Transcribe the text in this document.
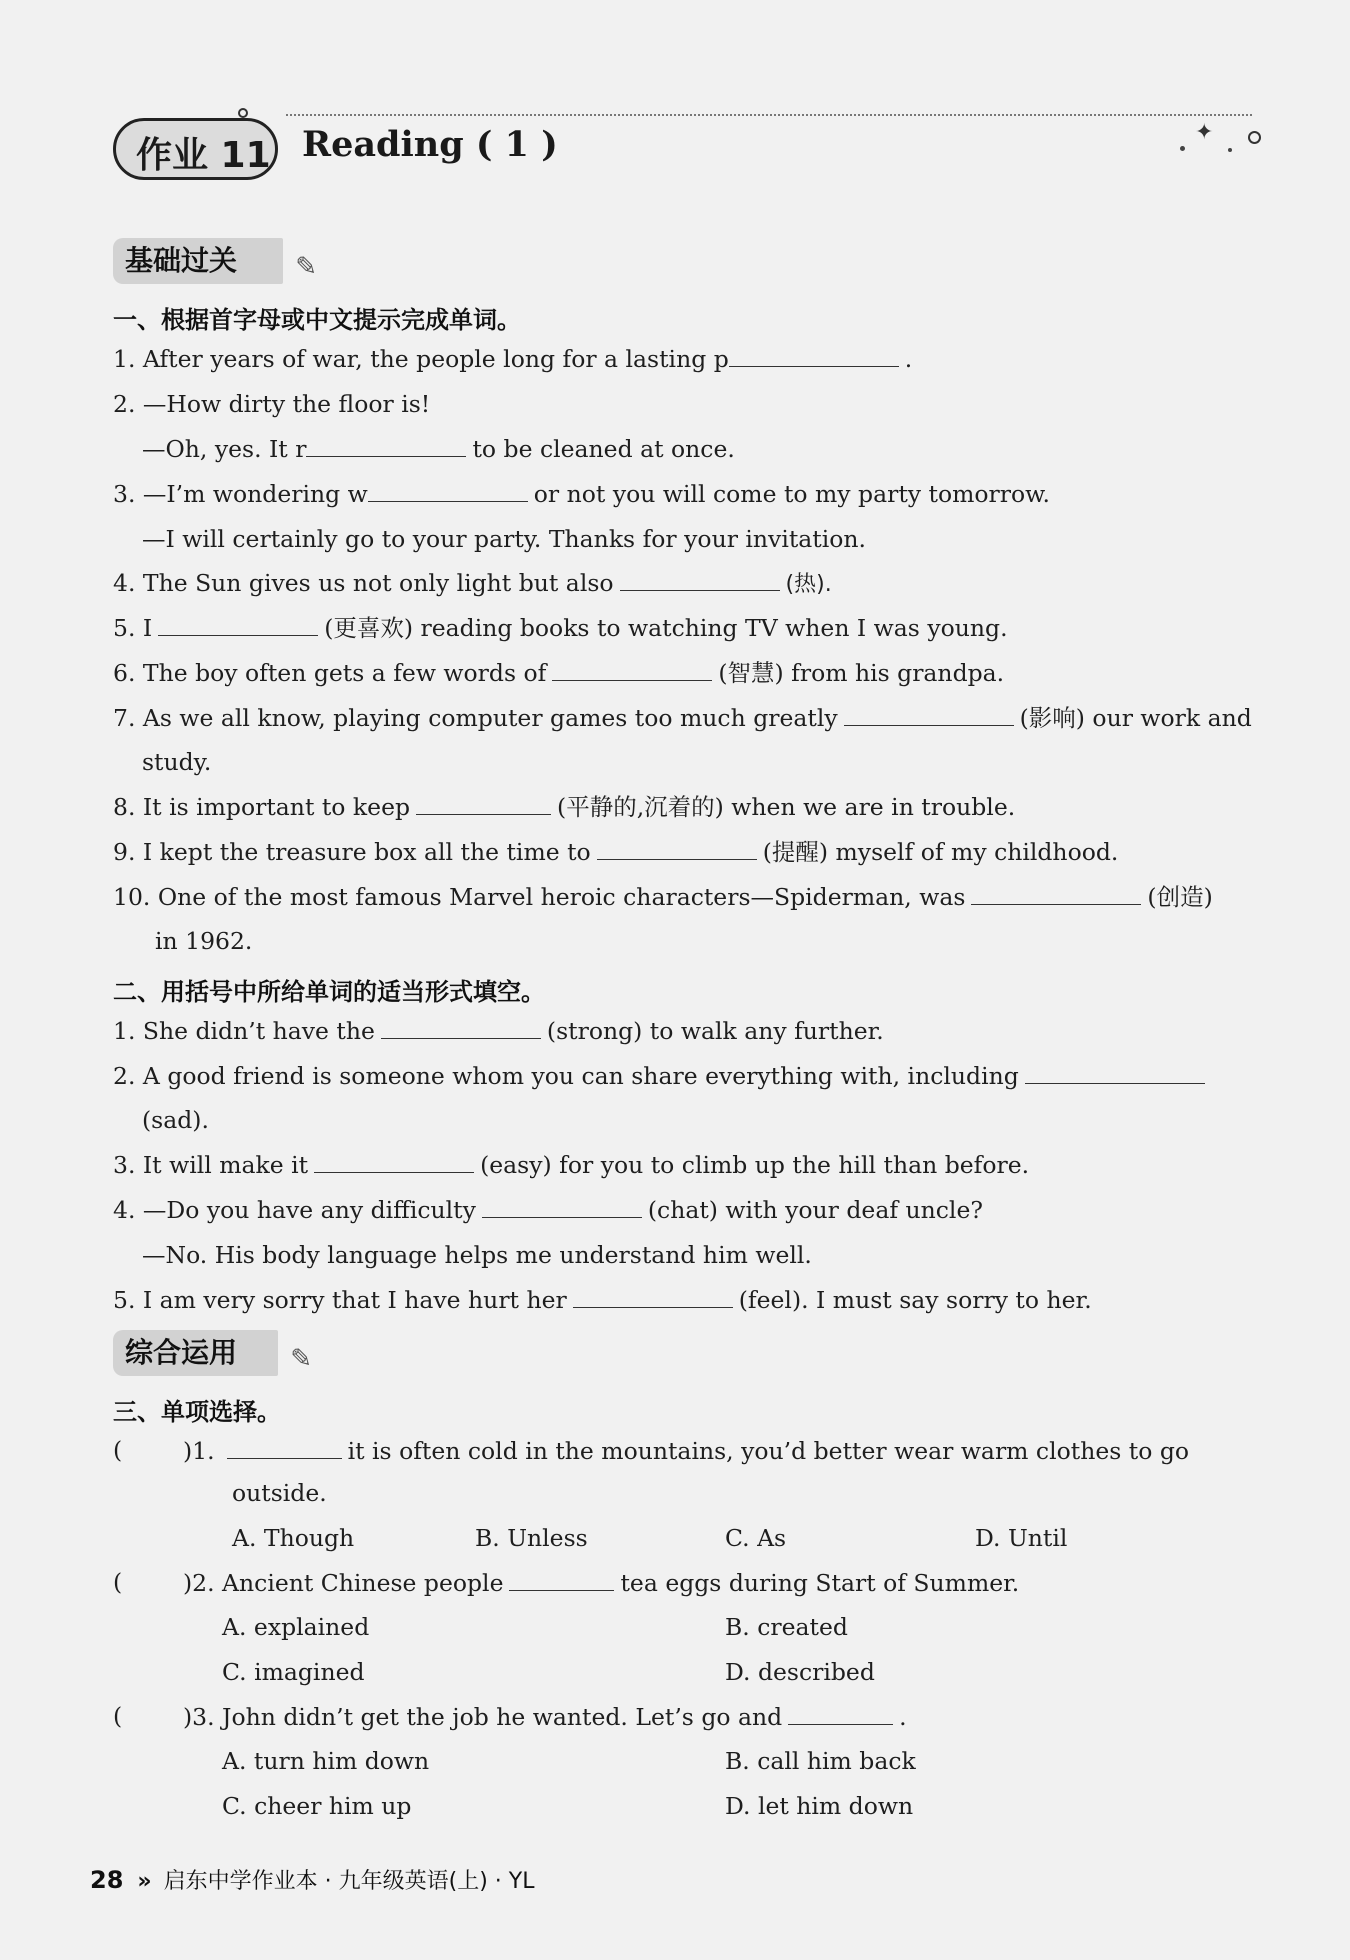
作业 11 Reading ( 1 )	✦
基础过关 ✎
一、根据首字母或中文提示完成单词。
1. After years of war, the people long for a lasting p	.
2. —How dirty the floor is!
—Oh, yes. It r	to be cleaned at once.
3. —I’m wondering w	or not you will come to my party tomorrow.
—I will certainly go to your party. Thanks for your invitation.
4. The Sun gives us not only light but also	(热).
5. I	(更喜欢) reading books to watching TV when I was young.
6. The boy often gets a few words of	(智慧) from his grandpa.
7. As we all know, playing computer games too much greatly	(影响) our work and
study.
8. It is important to keep	(平静的,沉着的) when we are in trouble.
9. I kept the treasure box all the time to	(提醒) myself of my childhood.
10. One of the most famous Marvel heroic characters—Spiderman, was	(创造)
in 1962.
二、用括号中所给单词的适当形式填空。
1. She didn’t have the	(strong) to walk any further.
2. A good friend is someone whom you can share everything with, including
(sad).
3. It will make it	(easy) for you to climb up the hill than before.
4. —Do you have any difficulty	(chat) with your deaf uncle?
—No. His body language helps me understand him well.
5. I am very sorry that I have hurt her	(feel). I must say sorry to her.
综合运用 ✎
三、单项选择。
(	)1.	it is often cold in the mountains, you’d better wear warm clothes to go
outside.
A. Though	B. Unless	C. As	D. Until
(	)2. Ancient Chinese people	tea eggs during Start of Summer.
A. explained	B. created
C. imagined	D. described
(	)3. John didn’t get the job he wanted. Let’s go and	.
A. turn him down	B. call him back
C. cheer him up	D. let him down
28 » 启东中学作业本 · 九年级英语(上) · YL
